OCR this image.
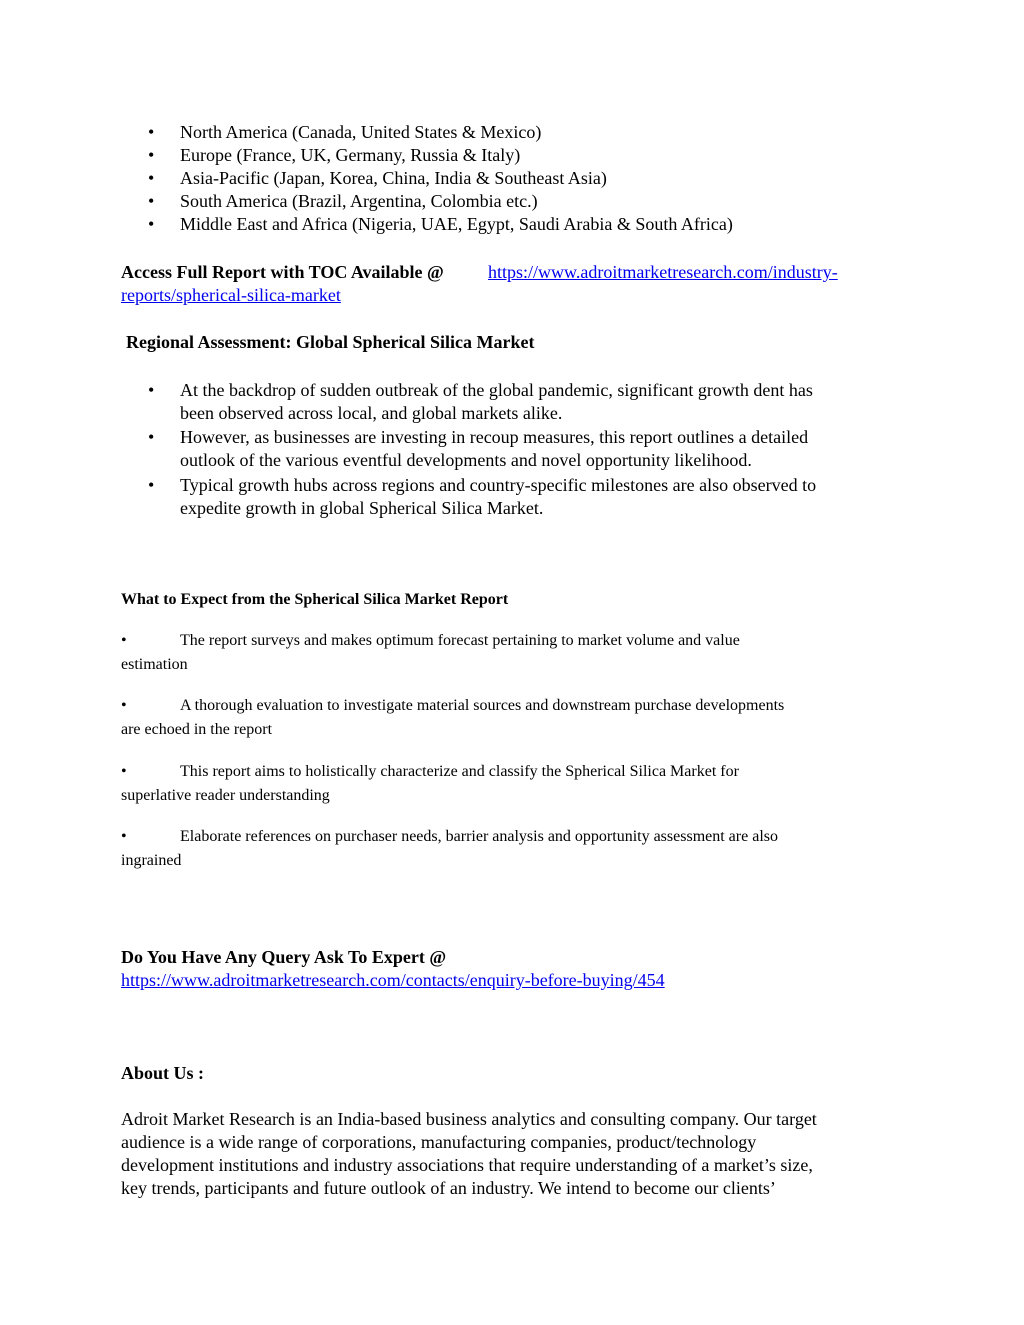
• North America (Canada, United States & Mexico)
• Europe (France, UK, Germany, Russia & Italy)
• Asia-Pacific (Japan, Korea, China, India & Southeast Asia)
• South America (Brazil, Argentina, Colombia etc.)
• Middle East and Africa (Nigeria, UAE, Egypt, Saudi Arabia & South Africa)
Access Full Report with TOC Available @ https://www.adroitmarketresearch.com/industry-
reports/spherical-silica-market
Regional Assessment: Global Spherical Silica Market
• At the backdrop of sudden outbreak of the global pandemic, significant growth dent has
been observed across local, and global markets alike.
• However, as businesses are investing in recoup measures, this report outlines a detailed
outlook of the various eventful developments and novel opportunity likelihood.
• Typical growth hubs across regions and country-specific milestones are also observed to
expedite growth in global Spherical Silica Market.
What to Expect from the Spherical Silica Market Report
•	The report surveys and makes optimum forecast pertaining to market volume and value
estimation
•	A thorough evaluation to investigate material sources and downstream purchase developments
are echoed in the report
•	This report aims to holistically characterize and classify the Spherical Silica Market for
superlative reader understanding
•	Elaborate references on purchaser needs, barrier analysis and opportunity assessment are also
ingrained
Do You Have Any Query Ask To Expert @
https://www.adroitmarketresearch.com/contacts/enquiry-before-buying/454
About Us :
Adroit Market Research is an India-based business analytics and consulting company. Our target
audience is a wide range of corporations, manufacturing companies, product/technology
development institutions and industry associations that require understanding of a market’s size,
key trends, participants and future outlook of an industry. We intend to become our clients’
